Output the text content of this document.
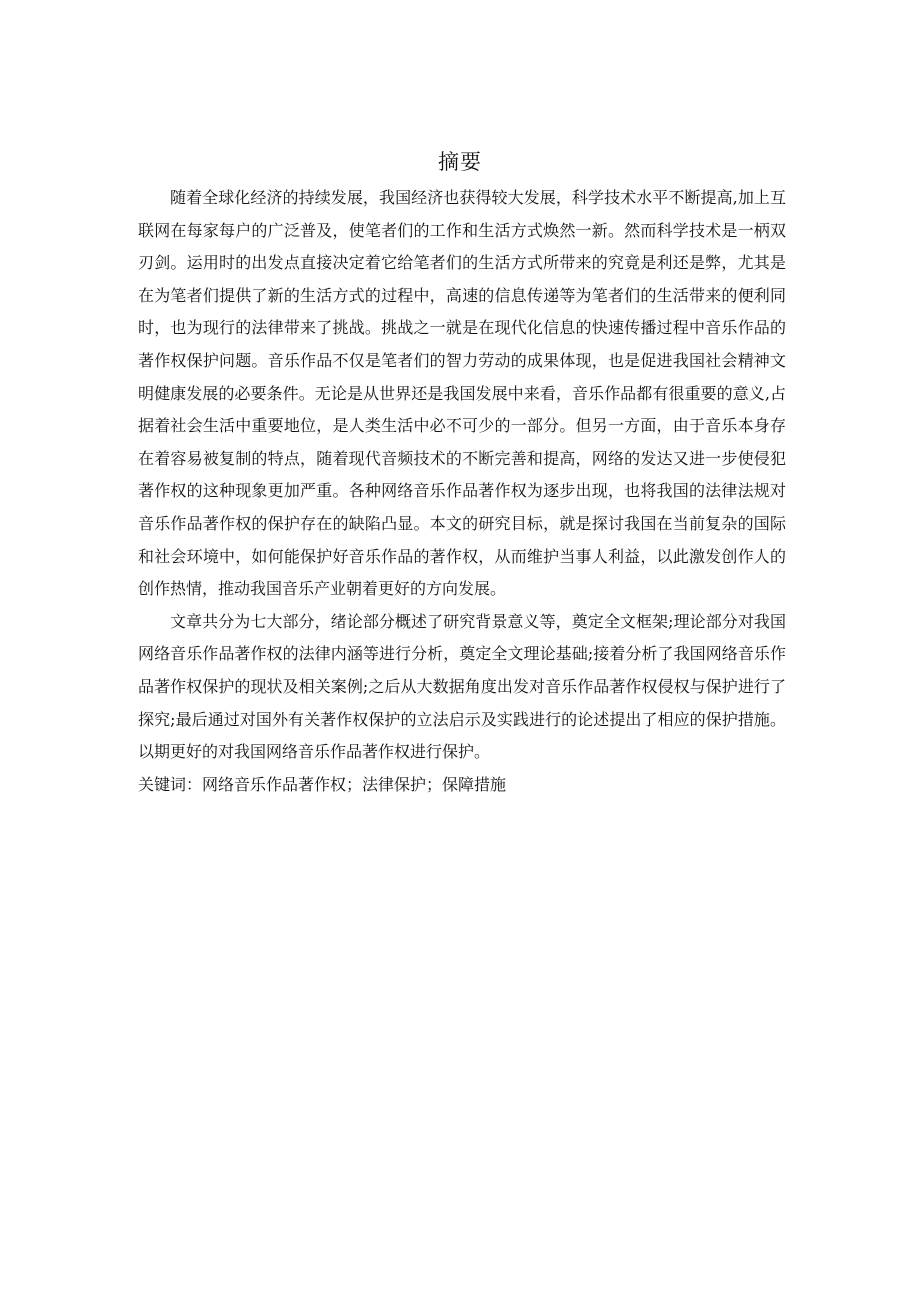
摘要

随着全球化经济的持续发展，我国经济也获得较大发展，科学技术水平不断提高,加上互联网在每家每户的广泛普及，使笔者们的工作和生活方式焕然一新。然而科学技术是一柄双刃剑。运用时的出发点直接决定着它给笔者们的生活方式所带来的究竟是利还是弊，尤其是在为笔者们提供了新的生活方式的过程中，高速的信息传递等为笔者们的生活带来的便利同时，也为现行的法律带来了挑战。挑战之一就是在现代化信息的快速传播过程中音乐作品的著作权保护问题。音乐作品不仅是笔者们的智力劳动的成果体现，也是促进我国社会精神文明健康发展的必要条件。无论是从世界还是我国发展中来看，音乐作品都有很重要的意义,占据着社会生活中重要地位，是人类生活中必不可少的一部分。但另一方面，由于音乐本身存在着容易被复制的特点，随着现代音频技术的不断完善和提高，网络的发达又进一步使侵犯著作权的这种现象更加严重。各种网络音乐作品著作权为逐步出现，也将我国的法律法规对音乐作品著作权的保护存在的缺陷凸显。本文的研究目标，就是探讨我国在当前复杂的国际和社会环境中，如何能保护好音乐作品的著作权，从而维护当事人利益，以此激发创作人的创作热情，推动我国音乐产业朝着更好的方向发展。

文章共分为七大部分，绪论部分概述了研究背景意义等，奠定全文框架;理论部分对我国网络音乐作品著作权的法律内涵等进行分析，奠定全文理论基础;接着分析了我国网络音乐作品著作权保护的现状及相关案例;之后从大数据角度出发对音乐作品著作权侵权与保护进行了探究;最后通过对国外有关著作权保护的立法启示及实践进行的论述提出了相应的保护措施。以期更好的对我国网络音乐作品著作权进行保护。

关键词：网络音乐作品著作权；法律保护；保障措施
